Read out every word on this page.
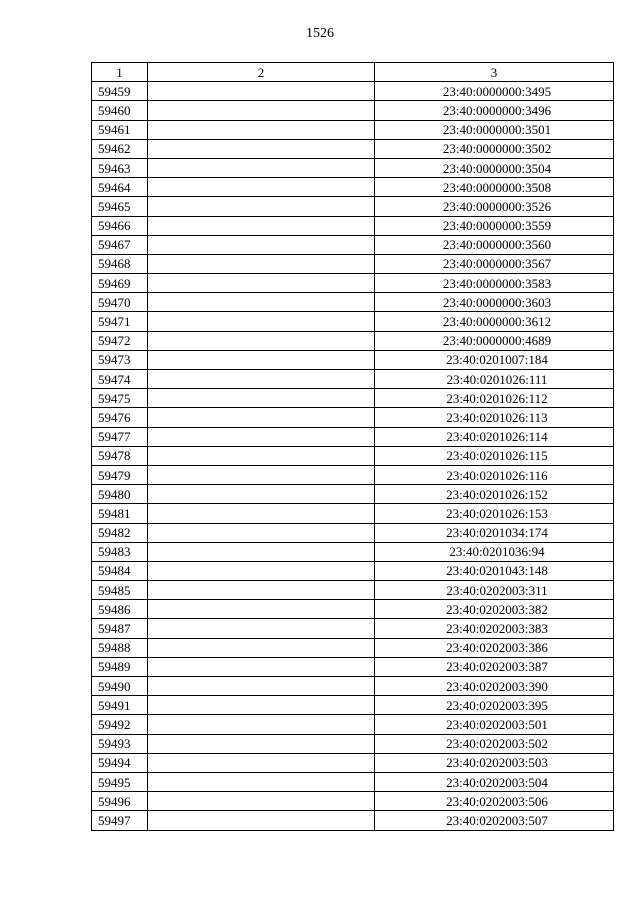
1526
1	2	3
59459		23:40:0000000:3495
59460		23:40:0000000:3496
59461		23:40:0000000:3501
59462		23:40:0000000:3502
59463		23:40:0000000:3504
59464		23:40:0000000:3508
59465		23:40:0000000:3526
59466		23:40:0000000:3559
59467		23:40:0000000:3560
59468		23:40:0000000:3567
59469		23:40:0000000:3583
59470		23:40:0000000:3603
59471		23:40:0000000:3612
59472		23:40:0000000:4689
59473		23:40:0201007:184
59474		23:40:0201026:111
59475		23:40:0201026:112
59476		23:40:0201026:113
59477		23:40:0201026:114
59478		23:40:0201026:115
59479		23:40:0201026:116
59480		23:40:0201026:152
59481		23:40:0201026:153
59482		23:40:0201034:174
59483		23:40:0201036:94
59484		23:40:0201043:148
59485		23:40:0202003:311
59486		23:40:0202003:382
59487		23:40:0202003:383
59488		23:40:0202003:386
59489		23:40:0202003:387
59490		23:40:0202003:390
59491		23:40:0202003:395
59492		23:40:0202003:501
59493		23:40:0202003:502
59494		23:40:0202003:503
59495		23:40:0202003:504
59496		23:40:0202003:506
59497		23:40:0202003:507
